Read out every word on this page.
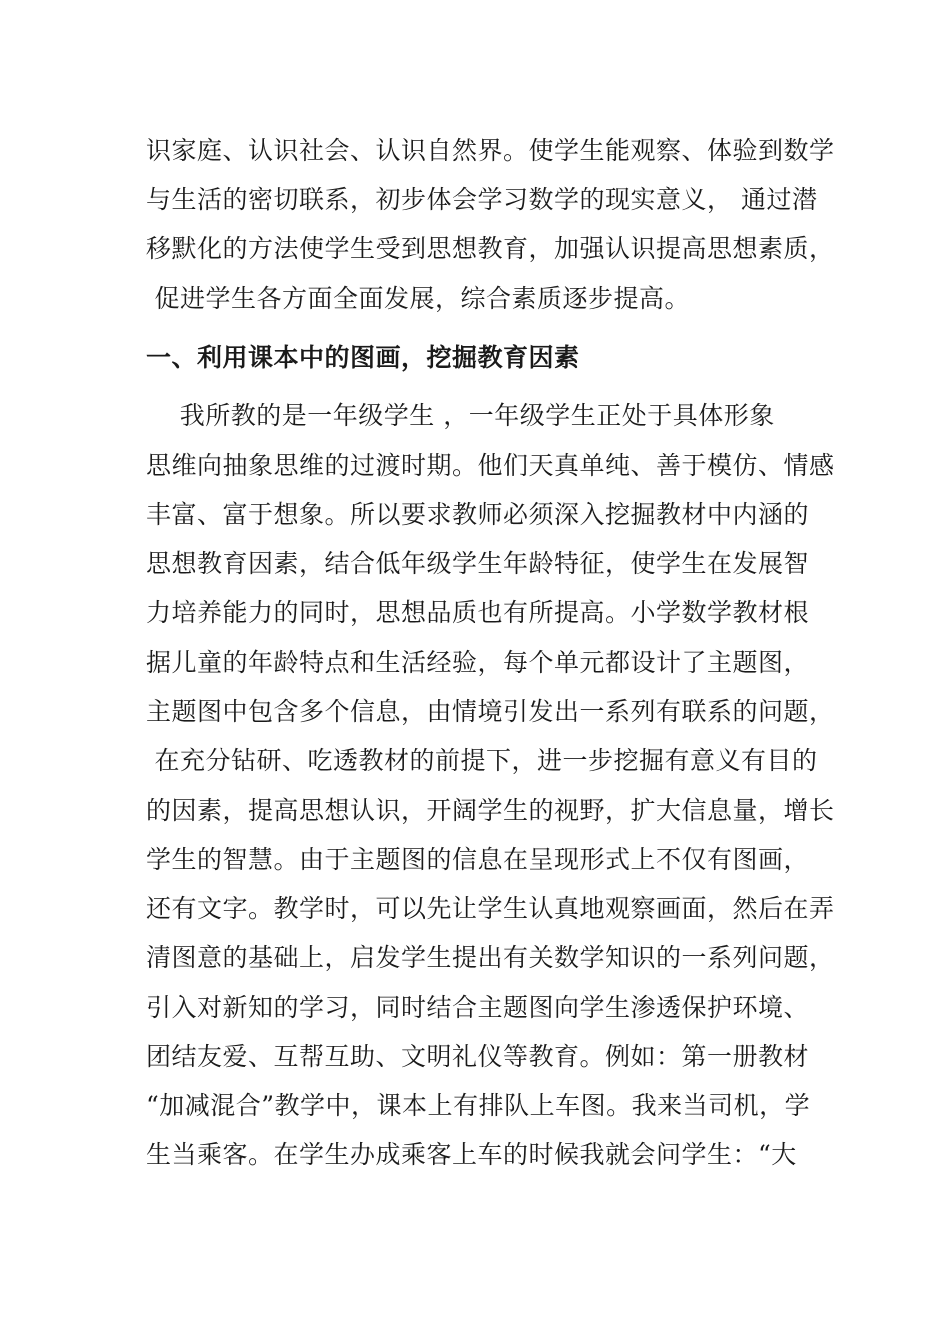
识家庭、认识社会、认识自然界。使学生能观察、体验到数学
与生活的密切联系，初步体会学习数学的现实意义， 通过潜
移默化的方法使学生受到思想教育，加强认识提高思想素质，
促进学生各方面全面发展，综合素质逐步提高。
一、利用课本中的图画，挖掘教育因素
我所教的是一年级学生 ，一年级学生正处于具体形象
思维向抽象思维的过渡时期。他们天真单纯、善于模仿、情感
丰富、富于想象。所以要求教师必须深入挖掘教材中内涵的
思想教育因素，结合低年级学生年龄特征，使学生在发展智
力培养能力的同时，思想品质也有所提高。小学数学教材根
据儿童的年龄特点和生活经验，每个单元都设计了主题图，
主题图中包含多个信息，由情境引发出一系列有联系的问题，
在充分钻研、吃透教材的前提下，进一步挖掘有意义有目的
的因素，提高思想认识，开阔学生的视野，扩大信息量，增长
学生的智慧。由于主题图的信息在呈现形式上不仅有图画，
还有文字。教学时，可以先让学生认真地观察画面，然后在弄
清图意的基础上，启发学生提出有关数学知识的一系列问题，
引入对新知的学习，同时结合主题图向学生渗透保护环境、
团结友爱、互帮互助、文明礼仪等教育。例如：第一册教材
“加减混合”教学中，课本上有排队上车图。我来当司机，学
生当乘客。在学生办成乘客上车的时候我就会问学生：“大
